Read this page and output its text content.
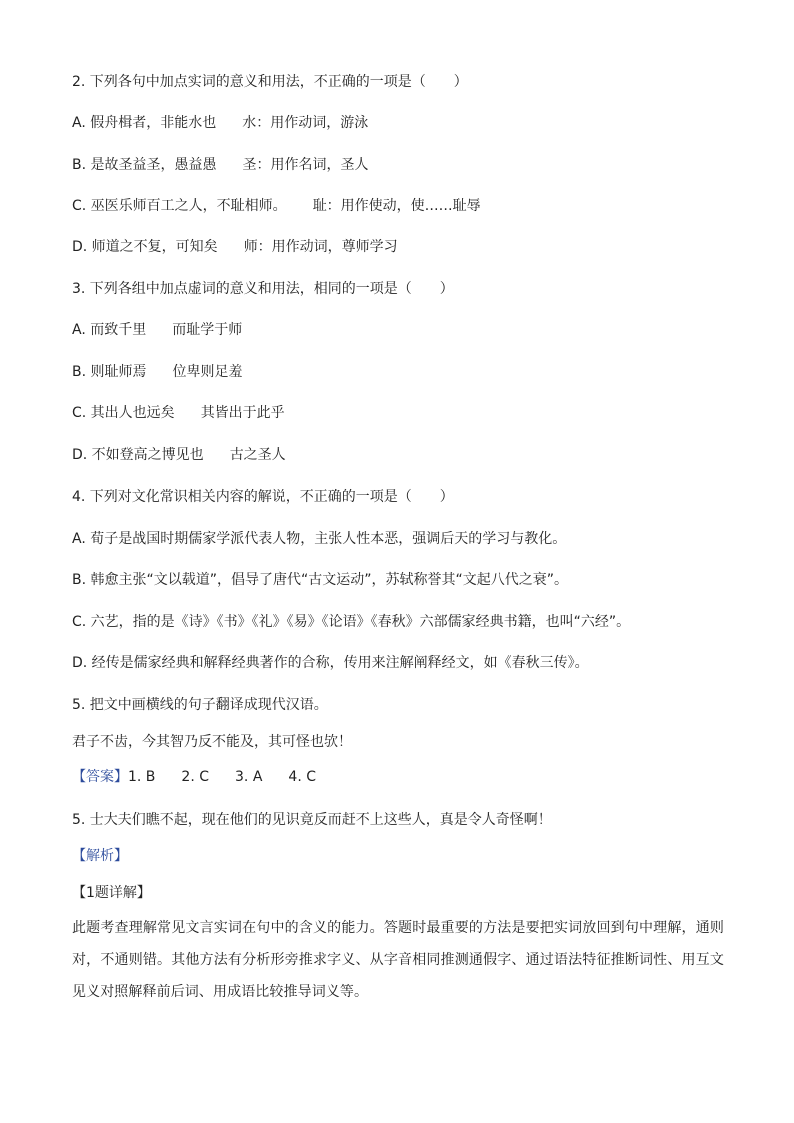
2. 下列各句中加点实词的意义和用法，不正确的一项是（　　）
A. 假舟楫者，非能水也 水：用作动词，游泳
B. 是故圣益圣，愚益愚 圣：用作名词，圣人
C. 巫医乐师百工之人，不耻相师。 耻：用作使动，使……耻辱
D. 师道之不复，可知矣 师：用作动词，尊师学习
3. 下列各组中加点虚词的意义和用法，相同的一项是（　　）
A. 而致千里 而耻学于师
B. 则耻师焉 位卑则足羞
C. 其出人也远矣 其皆出于此乎
D. 不如登高之博见也 古之圣人
4. 下列对文化常识相关内容的解说，不正确的一项是（　　）
A. 荀子是战国时期儒家学派代表人物，主张人性本恶，强调后天的学习与教化。
B. 韩愈主张“文以载道”，倡导了唐代“古文运动”，苏轼称誉其“文起八代之衰”。
C. 六艺，指的是《诗》《书》《礼》《易》《论语》《春秋》六部儒家经典书籍，也叫“六经”。
D. 经传是儒家经典和解释经典著作的合称，传用来注解阐释经文，如《春秋三传》。
5. 把文中画横线的句子翻译成现代汉语。
君子不齿，今其智乃反不能及，其可怪也欤！
【答案】1. B 2. C 3. A 4. C
5. 士大夫们瞧不起，现在他们的见识竟反而赶不上这些人，真是令人奇怪啊！
【解析】
【1题详解】
此题考查理解常见文言实词在句中的含义的能力。答题时最重要的方法是要把实词放回到句中理解，通则对，不通则错。其他方法有分析形旁推求字义、从字音相同推测通假字、通过语法特征推断词性、用互文见义对照解释前后词、用成语比较推导词义等。
